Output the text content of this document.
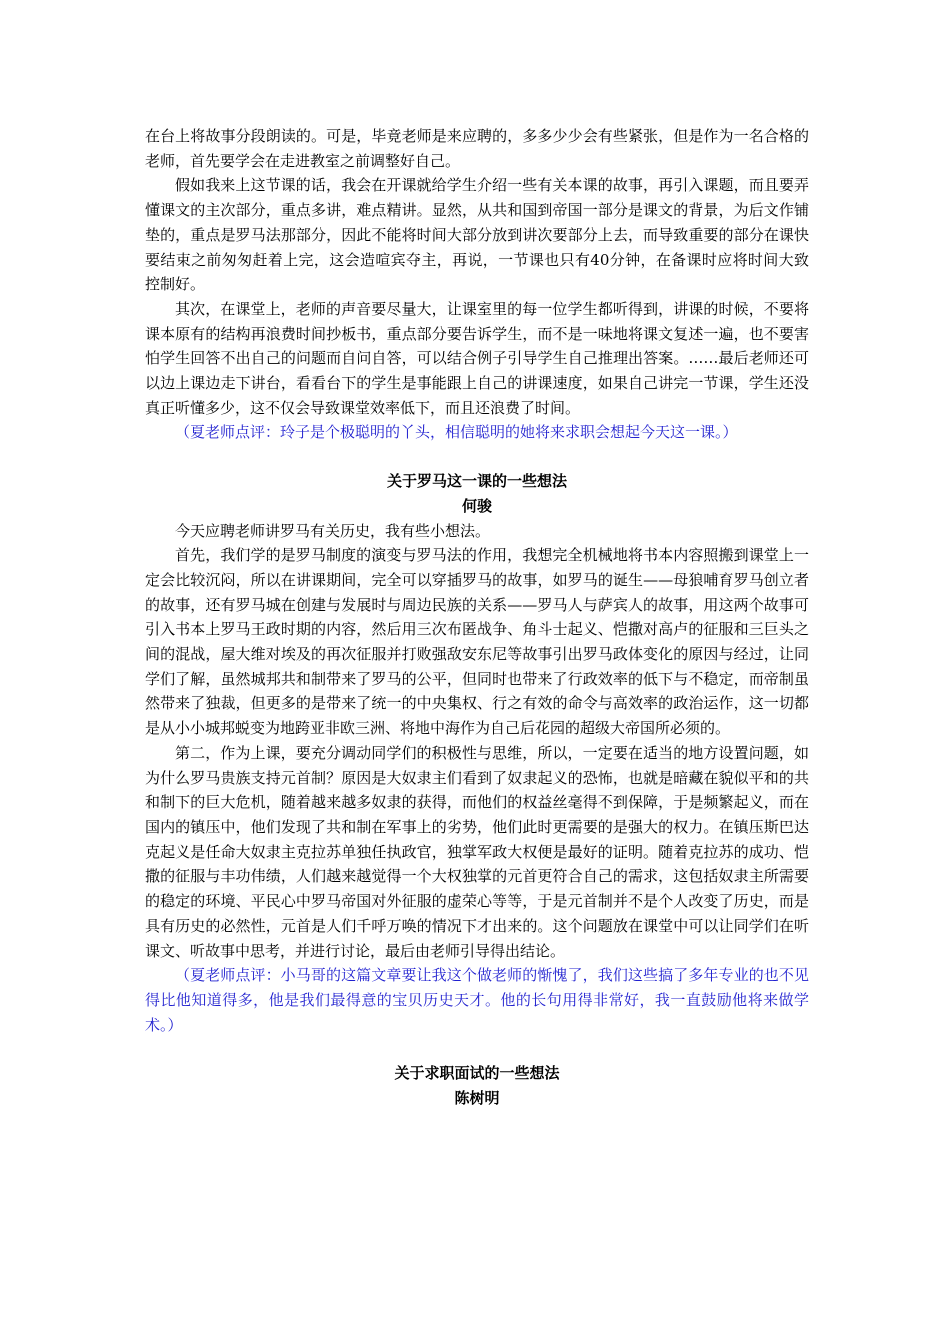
在台上将故事分段朗读的。可是，毕竟老师是来应聘的，多多少少会有些紧张，但是作为一名合格的老师，首先要学会在走进教室之前调整好自己。

假如我来上这节课的话，我会在开课就给学生介绍一些有关本课的故事，再引入课题，而且要弄懂课文的主次部分，重点多讲，难点精讲。显然，从共和国到帝国一部分是课文的背景，为后文作铺垫的，重点是罗马法那部分，因此不能将时间大部分放到讲次要部分上去，而导致重要的部分在课快要结束之前匆匆赶着上完，这会造喧宾夺主，再说，一节课也只有40分钟，在备课时应将时间大致控制好。

其次，在课堂上，老师的声音要尽量大，让课室里的每一位学生都听得到，讲课的时候，不要将课本原有的结构再浪费时间抄板书，重点部分要告诉学生，而不是一味地将课文复述一遍，也不要害怕学生回答不出自己的问题而自问自答，可以结合例子引导学生自己推理出答案。……最后老师还可以边上课边走下讲台，看看台下的学生是事能跟上自己的讲课速度，如果自己讲完一节课，学生还没真正听懂多少，这不仅会导致课堂效率低下，而且还浪费了时间。

（夏老师点评：玲子是个极聪明的丫头，相信聪明的她将来求职会想起今天这一课。）

关于罗马这一课的一些想法

何骏

今天应聘老师讲罗马有关历史，我有些小想法。

首先，我们学的是罗马制度的演变与罗马法的作用，我想完全机械地将书本内容照搬到课堂上一定会比较沉闷，所以在讲课期间，完全可以穿插罗马的故事，如罗马的诞生——母狼哺育罗马创立者的故事，还有罗马城在创建与发展时与周边民族的关系——罗马人与萨宾人的故事，用这两个故事可引入书本上罗马王政时期的内容，然后用三次布匿战争、角斗士起义、恺撒对高卢的征服和三巨头之间的混战，屋大维对埃及的再次征服并打败强敌安东尼等故事引出罗马政体变化的原因与经过，让同学们了解，虽然城邦共和制带来了罗马的公平，但同时也带来了行政效率的低下与不稳定，而帝制虽然带来了独裁，但更多的是带来了统一的中央集权、行之有效的命令与高效率的政治运作，这一切都是从小小城邦蜕变为地跨亚非欧三洲、将地中海作为自己后花园的超级大帝国所必须的。

第二，作为上课，要充分调动同学们的积极性与思维，所以，一定要在适当的地方设置问题，如为什么罗马贵族支持元首制？原因是大奴隶主们看到了奴隶起义的恐怖，也就是暗藏在貌似平和的共和制下的巨大危机，随着越来越多奴隶的获得，而他们的权益丝毫得不到保障，于是频繁起义，而在国内的镇压中，他们发现了共和制在军事上的劣势，他们此时更需要的是强大的权力。在镇压斯巴达克起义是任命大奴隶主克拉苏单独任执政官，独掌军政大权便是最好的证明。随着克拉苏的成功、恺撒的征服与丰功伟绩，人们越来越觉得一个大权独掌的元首更符合自己的需求，这包括奴隶主所需要的稳定的环境、平民心中罗马帝国对外征服的虚荣心等等，于是元首制并不是个人改变了历史，而是具有历史的必然性，元首是人们千呼万唤的情况下才出来的。这个问题放在课堂中可以让同学们在听课文、听故事中思考，并进行讨论，最后由老师引导得出结论。

（夏老师点评：小马哥的这篇文章要让我这个做老师的惭愧了，我们这些搞了多年专业的也不见得比他知道得多，他是我们最得意的宝贝历史天才。他的长句用得非常好，我一直鼓励他将来做学术。）

关于求职面试的一些想法

陈树明
